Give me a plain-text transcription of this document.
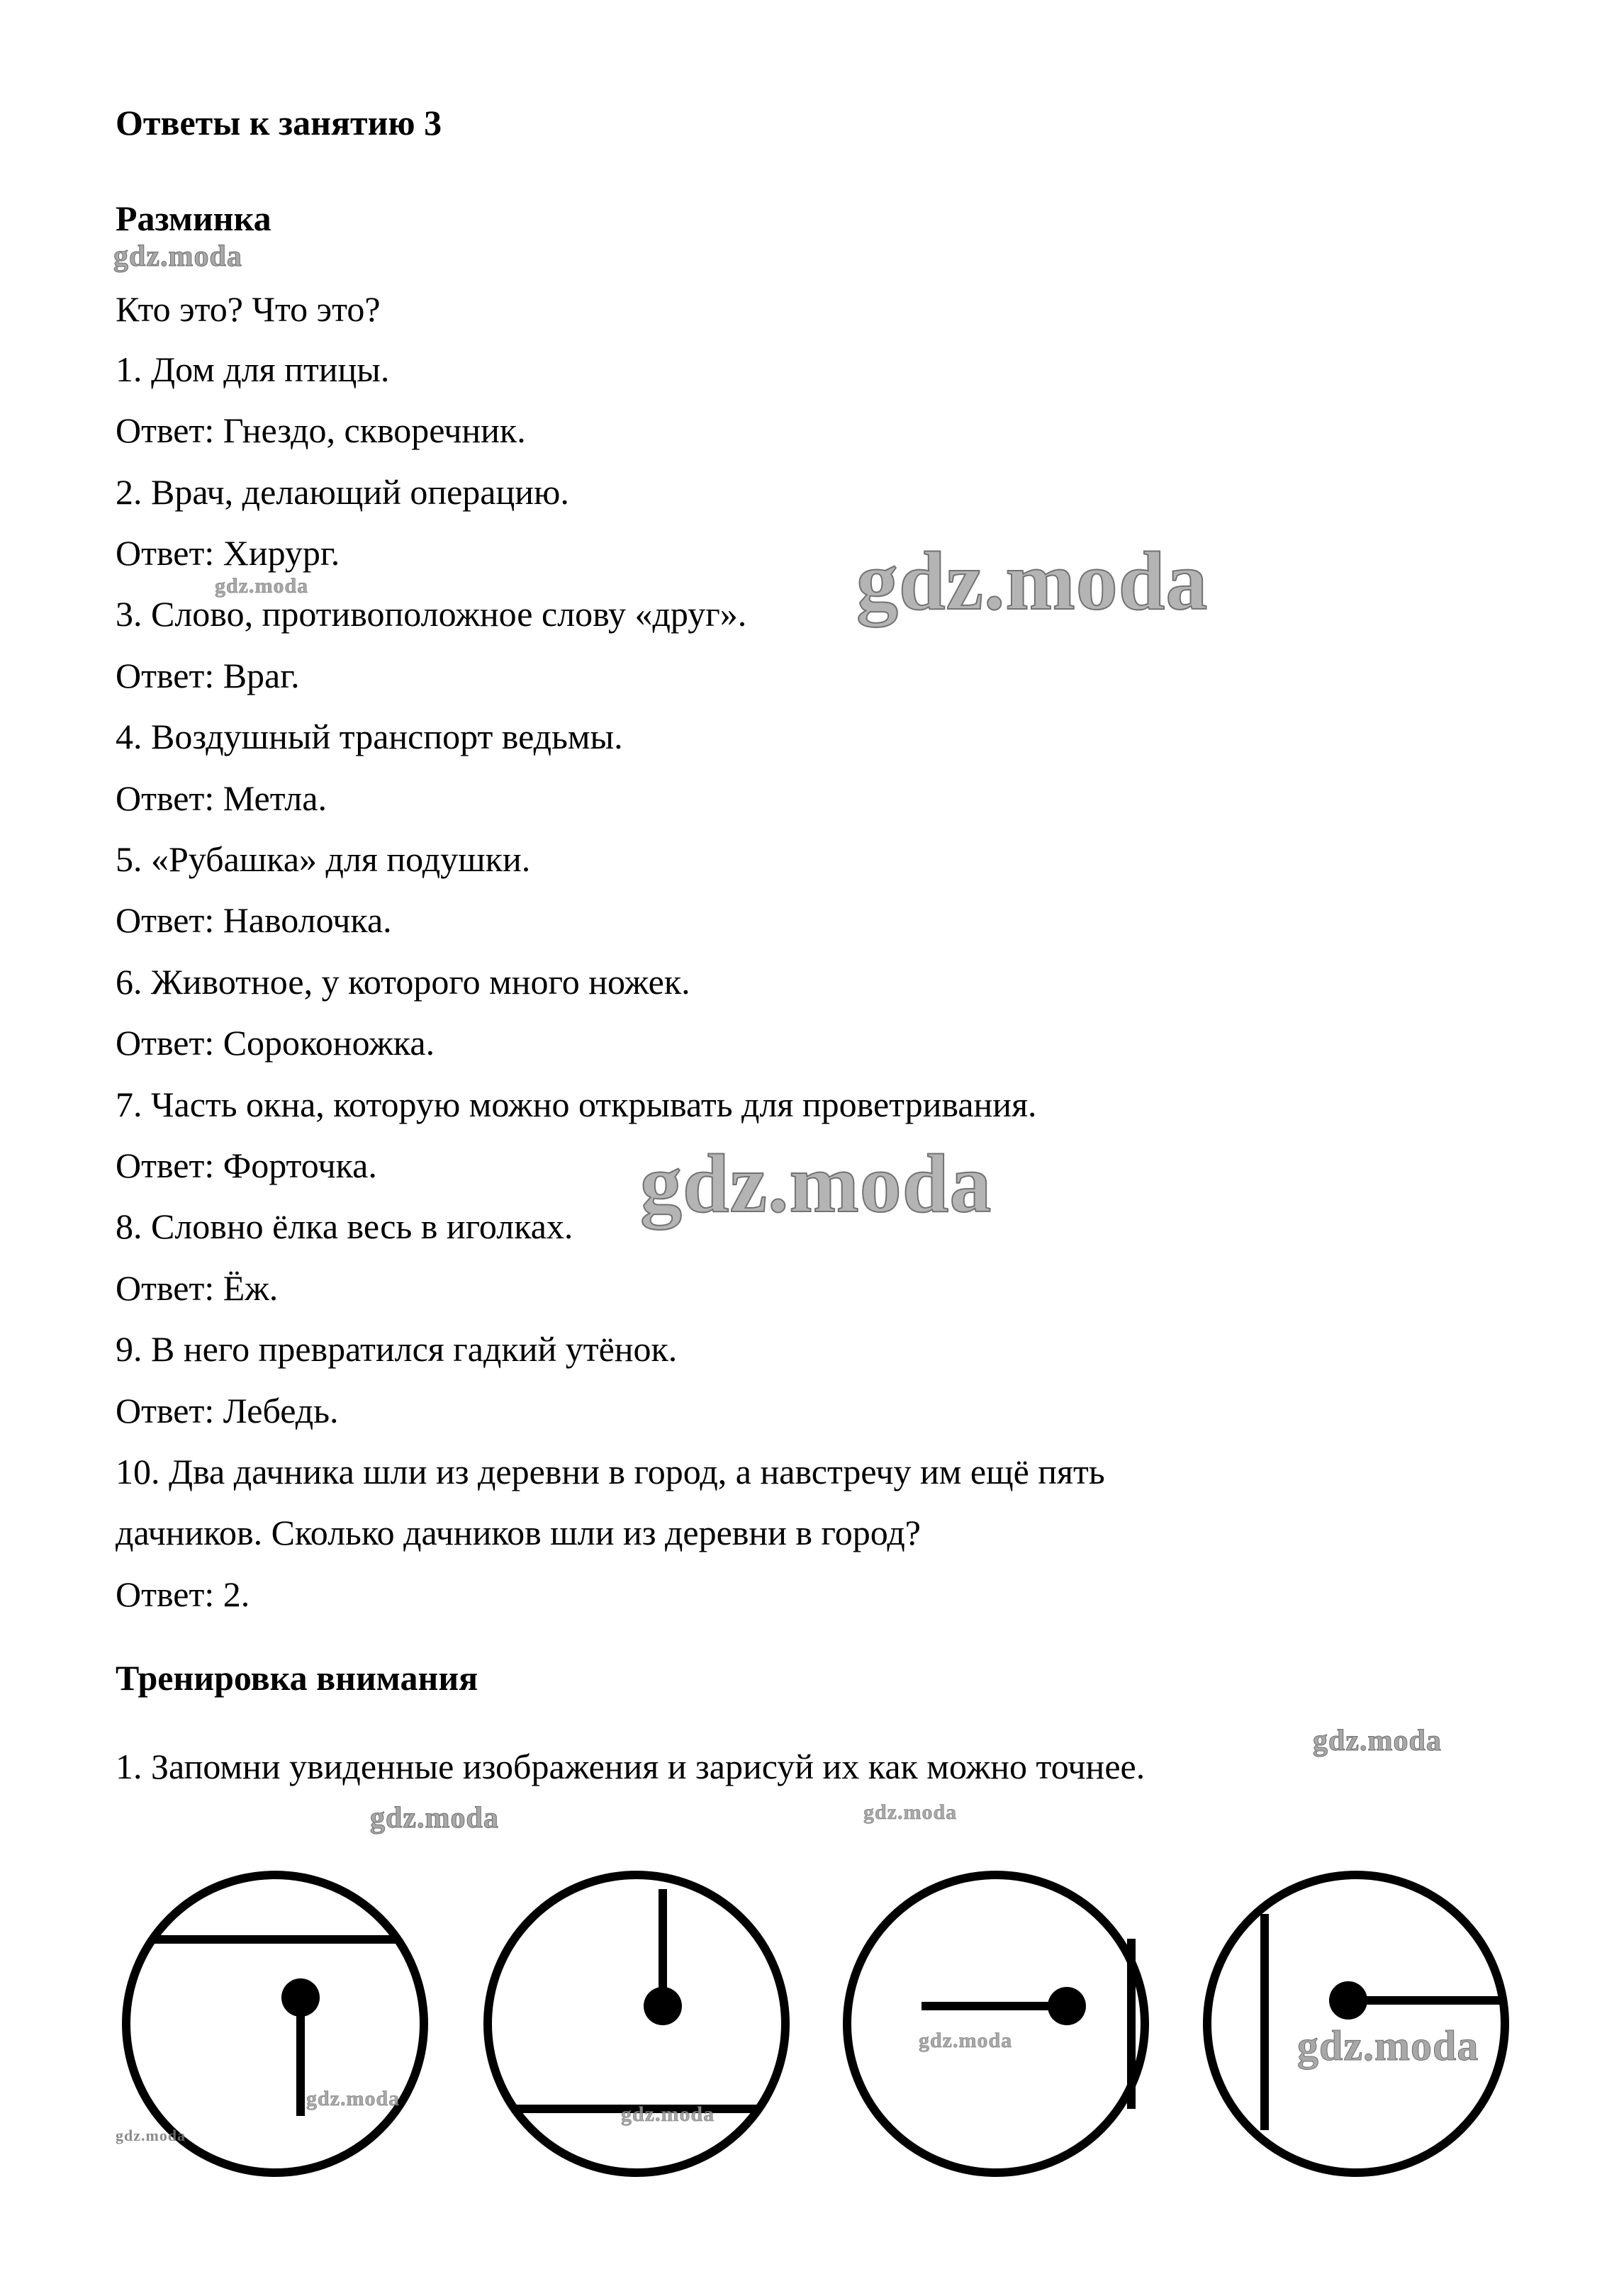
Ответы к занятию 3
Разминка
Кто это? Что это?
1. Дом для птицы.
Ответ: Гнездо, скворечник.
2. Врач, делающий операцию.
Ответ: Хирург.
3. Слово, противоположное слову «друг».
Ответ: Враг.
4. Воздушный транспорт ведьмы.
Ответ: Метла.
5. «Рубашка» для подушки.
Ответ: Наволочка.
6. Животное, у которого много ножек.
Ответ: Сороконожка.
7. Часть окна, которую можно открывать для проветривания.
Ответ: Форточка.
8. Словно ёлка весь в иголках.
Ответ: Ёж.
9. В него превратился гадкий утёнок.
Ответ: Лебедь.
10. Два дачника шли из деревни в город, а навстречу им ещё пять
дачников. Сколько дачников шли из деревни в город?
Ответ: 2.
Тренировка внимания
1. Запомни увиденные изображения и зарисуй их как можно точнее.
gdz.moda
gdz.moda	gdz.moda
gdz.moda
gdz.moda
gdz.moda	gdz.moda
gdz.moda	gdz.moda
gdz.moda
gdz.moda
gdz.moda
